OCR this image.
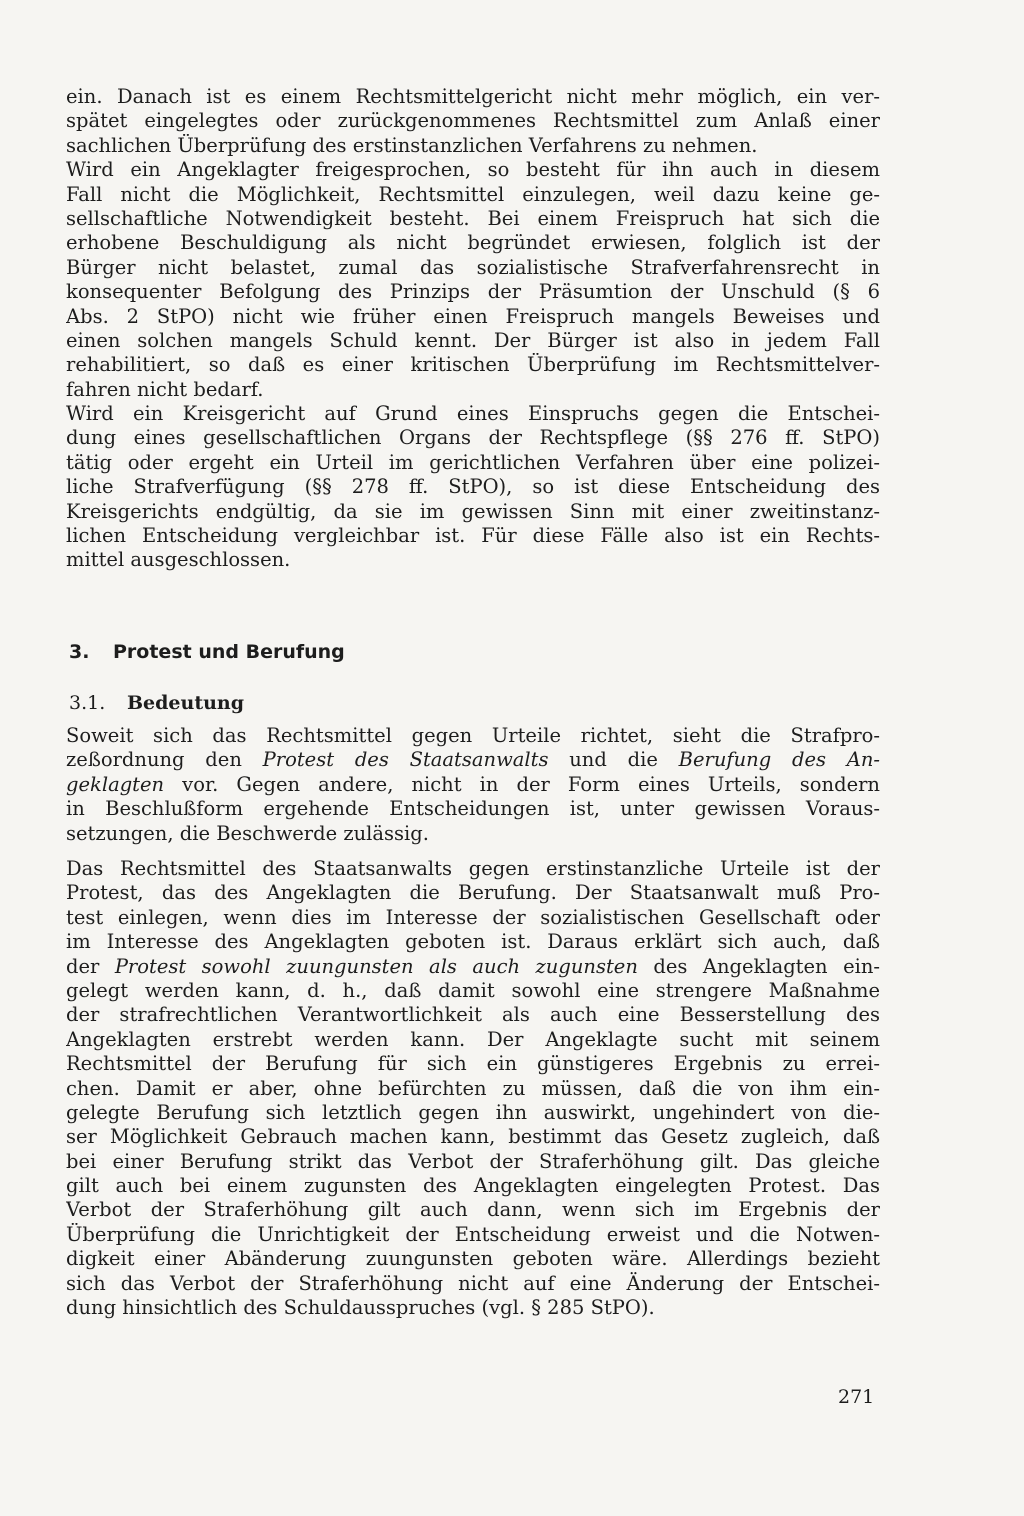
ein. Danach ist es einem Rechtsmittelgericht nicht mehr möglich, ein ver-
spätet eingelegtes oder zurückgenommenes Rechtsmittel zum Anlaß einer
sachlichen Überprüfung des erstinstanzlichen Verfahrens zu nehmen.
Wird ein Angeklagter freigesprochen, so besteht für ihn auch in diesem
Fall nicht die Möglichkeit, Rechtsmittel einzulegen, weil dazu keine ge-
sellschaftliche Notwendigkeit besteht. Bei einem Freispruch hat sich die
erhobene Beschuldigung als nicht begründet erwiesen, folglich ist der
Bürger nicht belastet, zumal das sozialistische Strafverfahrensrecht in
konsequenter Befolgung des Prinzips der Präsumtion der Unschuld (§ 6
Abs. 2 StPO) nicht wie früher einen Freispruch mangels Beweises und
einen solchen mangels Schuld kennt. Der Bürger ist also in jedem Fall
rehabilitiert, so daß es einer kritischen Überprüfung im Rechtsmittelver-
fahren nicht bedarf.
Wird ein Kreisgericht auf Grund eines Einspruchs gegen die Entschei-
dung eines gesellschaftlichen Organs der Rechtspflege (§§ 276 ff. StPO)
tätig oder ergeht ein Urteil im gerichtlichen Verfahren über eine polizei-
liche Strafverfügung (§§ 278 ff. StPO), so ist diese Entscheidung des
Kreisgerichts endgültig, da sie im gewissen Sinn mit einer zweitinstanz-
lichen Entscheidung vergleichbar ist. Für diese Fälle also ist ein Rechts-
mittel ausgeschlossen.
3. Protest und Berufung
3.1. Bedeutung
Soweit sich das Rechtsmittel gegen Urteile richtet, sieht die Strafpro-
zeßordnung den Protest des Staatsanwalts und die Berufung des An-
geklagten vor. Gegen andere, nicht in der Form eines Urteils, sondern
in Beschlußform ergehende Entscheidungen ist, unter gewissen Voraus-
setzungen, die Beschwerde zulässig.
Das Rechtsmittel des Staatsanwalts gegen erstinstanzliche Urteile ist der
Protest, das des Angeklagten die Berufung. Der Staatsanwalt muß Pro-
test einlegen, wenn dies im Interesse der sozialistischen Gesellschaft oder
im Interesse des Angeklagten geboten ist. Daraus erklärt sich auch, daß
der Protest sowohl zuungunsten als auch zugunsten des Angeklagten ein-
gelegt werden kann, d. h., daß damit sowohl eine strengere Maßnahme
der strafrechtlichen Verantwortlichkeit als auch eine Besserstellung des
Angeklagten erstrebt werden kann. Der Angeklagte sucht mit seinem
Rechtsmittel der Berufung für sich ein günstigeres Ergebnis zu errei-
chen. Damit er aber, ohne befürchten zu müssen, daß die von ihm ein-
gelegte Berufung sich letztlich gegen ihn auswirkt, ungehindert von die-
ser Möglichkeit Gebrauch machen kann, bestimmt das Gesetz zugleich, daß
bei einer Berufung strikt das Verbot der Straferhöhung gilt. Das gleiche
gilt auch bei einem zugunsten des Angeklagten eingelegten Protest. Das
Verbot der Straferhöhung gilt auch dann, wenn sich im Ergebnis der
Überprüfung die Unrichtigkeit der Entscheidung erweist und die Notwen-
digkeit einer Abänderung zuungunsten geboten wäre. Allerdings bezieht
sich das Verbot der Straferhöhung nicht auf eine Änderung der Entschei-
dung hinsichtlich des Schuldausspruches (vgl. § 285 StPO).
271
